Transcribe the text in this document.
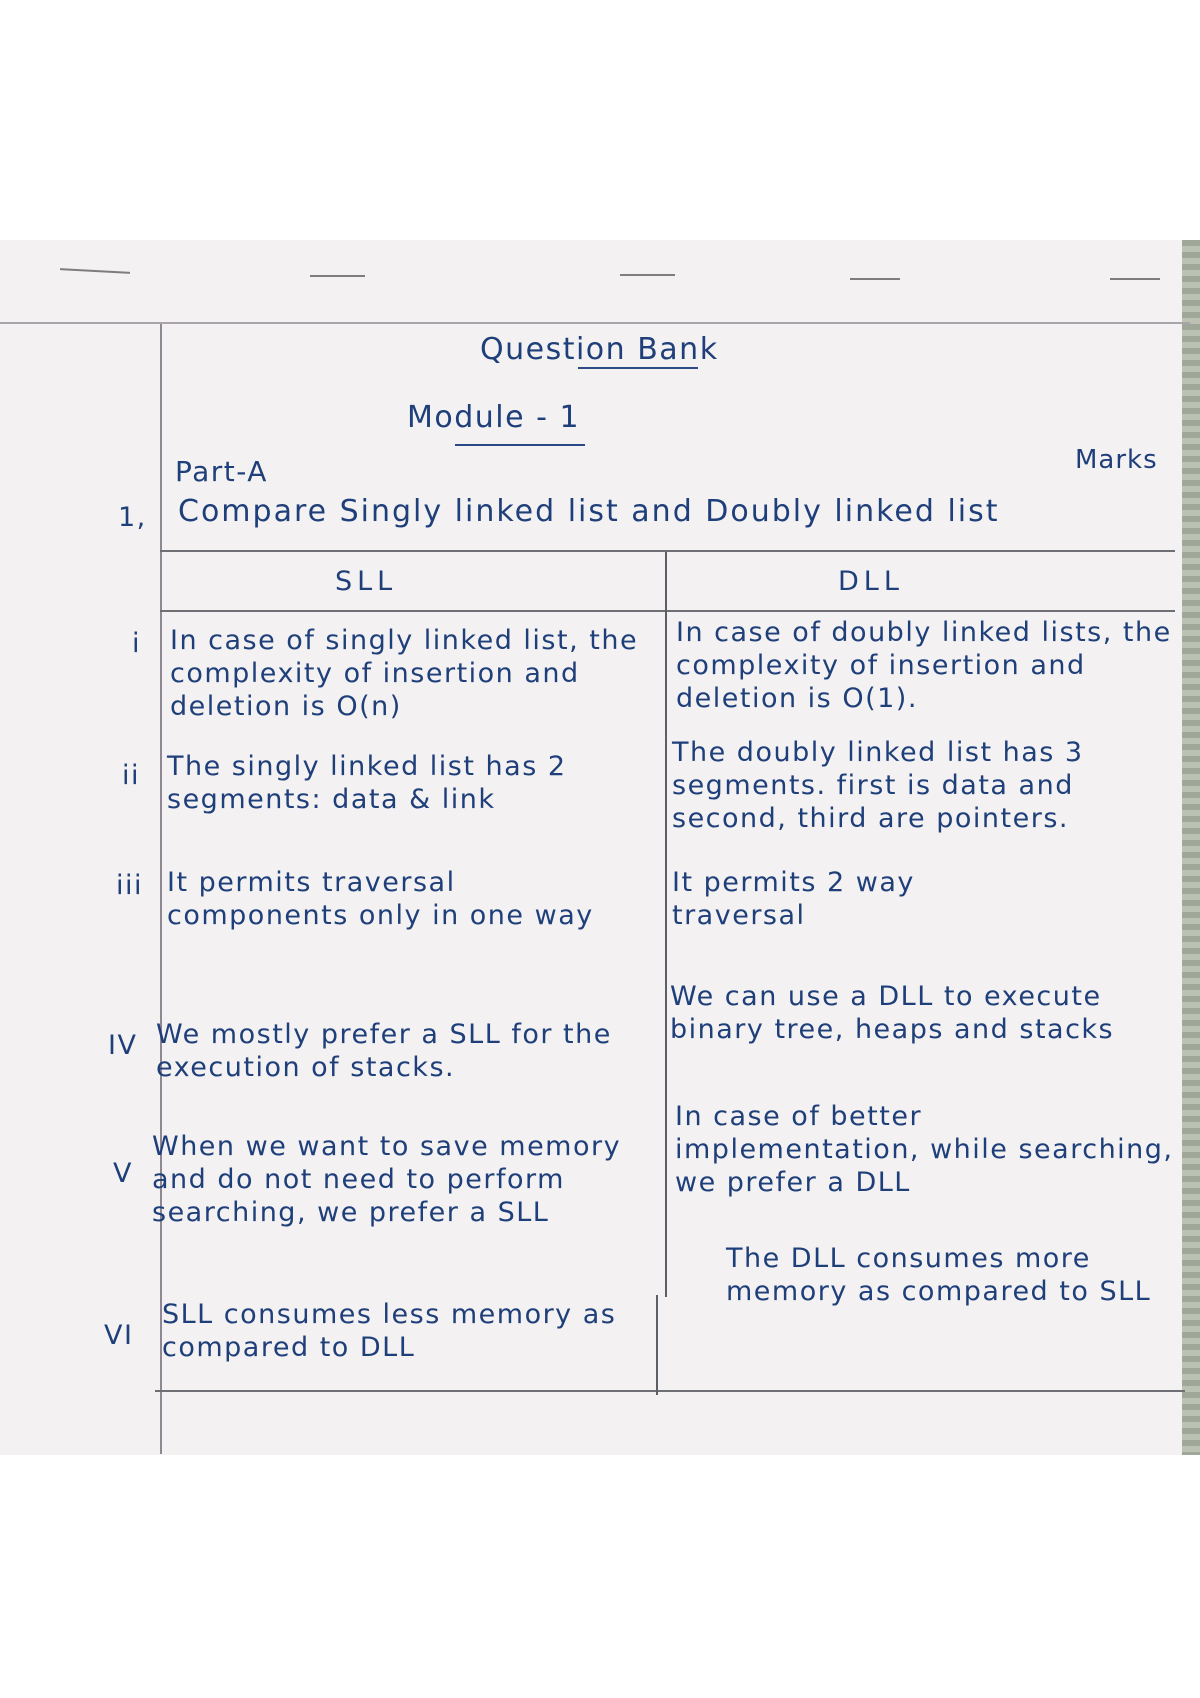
Question Bank
Module - 1
Part-A	Marks
1, Compare Singly linked list and Doubly linked list
SLL	DLL
i In case of singly linked list, the complexity of insertion and deletion is O(n)
In case of doubly linked lists, the complexity of insertion and deletion is O(1).
ii The singly linked list has 2 segments: data & link
The doubly linked list has 3 segments. first is data and second, third are pointers.
iii It permits traversal components only in one way
It permits 2 way traversal
IV We mostly prefer a SLL for the execution of stacks.
We can use a DLL to execute binary tree, heaps and stacks
V
When we want to save memory and do not need to perform searching, we prefer a SLL
In case of better implementation, while searching, we prefer a DLL
VI
SLL consumes less memory as compared to DLL
The DLL consumes more memory as compared to SLL
